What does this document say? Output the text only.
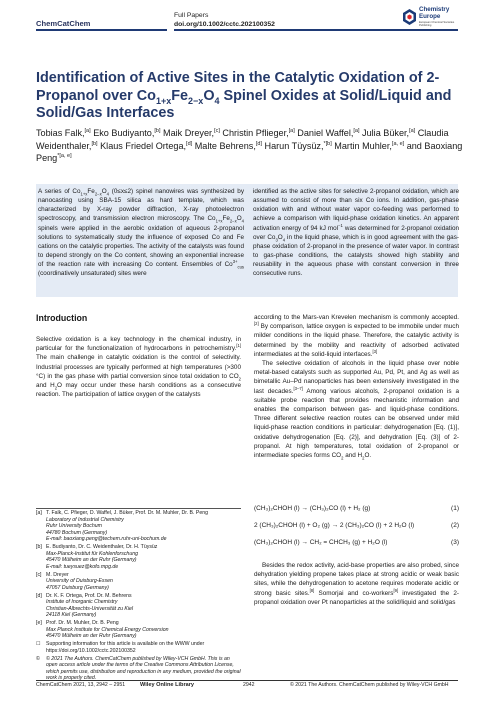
ChemCatChem
Full Papers
doi.org/10.1002/cctc.202100352
Chemistry
Europe
European Chemical Societies Publishing
Identification of Active Sites in the Catalytic Oxidation of 2-Propanol over $Co_{1+x}Fe_{2-x}O_4$ Spinel Oxides at Solid/Liquid and Solid/Gas Interfaces
Tobias Falk,[a] Eko Budiyanto,[b] Maik Dreyer,[c] Christin Pflieger,[a] Daniel Waffel,[a] Julia Büker,[a] Claudia Weidenthaler,[b] Klaus Friedel Ortega,[d] Malte Behrens,[d] Harun Tüysüz,$^{*[b]}$ Martin Muhler,[a, e] and Baoxiang Peng$^{*[a, e]}$
A series of $Co_{1+x}Fe_{2-x}O_4$ (0≤x≤2) spinel nanowires was synthesized by nanocasting using SBA-15 silica as hard template, which was characterized by X-ray powder diffraction, X-ray photoelectron spectroscopy, and transmission electron microscopy. The $Co_{1+x}Fe_{2-x}O_4$ spinels were applied in the aerobic oxidation of aqueous 2-propanol solutions to systematically study the influence of exposed Co and Fe cations on the catalytic properties. The activity of the catalysts was found to depend strongly on the Co content, showing an exponential increase of the reaction rate with increasing Co content. Ensembles of $Co^{3+}_{cus}$ (coordinatively unsaturated) sites were
identified as the active sites for selective 2-propanol oxidation, which are assumed to consist of more than six Co ions. In addition, gas-phase oxidation with and without water vapor co-feeding was performed to achieve a comparison with liquid-phase oxidation kinetics. An apparent activation energy of 94 kJ mol$^{-1}$ was determined for 2-propanol oxidation over $Co_3O_4$ in the liquid phase, which is in good agreement with the gas-phase oxidation of 2-propanol in the presence of water vapor. In contrast to gas-phase conditions, the catalysts showed high stability and reusability in the aqueous phase with constant conversion in three consecutive runs.
Introduction

Selective oxidation is a key technology in the chemical industry, in particular for the functionalization of hydrocarbons in petrochemistry.[1] The main challenge in catalytic oxidation is the control of selectivity. Industrial processes are typically performed at high temperatures (>300 °C) in the gas phase with partial conversion since total oxidation to $CO_2$ and $H_2O$ may occur under these harsh conditions as a consecutive reaction. The participation of lattice oxygen of the catalysts

[a] T. Falk, C. Pfieger, D. Waffel, J. Büker, Prof. Dr. M. Muhler, Dr. B. Peng
Laboratory of Industrial Chemistry
Ruhr University Bochum
44780 Bochum (Germany)
E-mail: baoxiang.peng@techem.ruhr-uni-bochum.de
[b] E. Budiyanto, Dr. C. Weidenthaler, Dr. H. Tüysüz
Max-Planck-Institut für Kohlenforschung
45470 Mülheim an der Ruhr (Germany)
E-mail: tueysuez@kofo.mpg.de
[c] M. Dreyer
University of Duisburg-Essen
47057 Duisburg (Germany)
[d] Dr. K. F. Ortega, Prof. Dr. M. Behrens
Institute of Inorganic Chemistry
Christian-Albrechts-Universität zu Kiel
24118 Kiel (Germany)
[e] Prof. Dr. M. Muhler, Dr. B. Peng
Max Planck Institute for Chemical Energy Conversion
45470 Mülheim an der Ruhr (Germany)
☐ Supporting information for this article is available on the WWW under https://doi.org/10.1002/cctc.202100352
© © 2021 The Authors. ChemCatChem published by Wiley-VCH GmbH. This is an open access article under the terms of the Creative Commons Attribution License, which permits use, distribution and reproduction in any medium, provided the original work is properly cited.

according to the Mars-van Krevelen mechanism is commonly accepted.[2] By comparison, lattice oxygen is expected to be immobile under much milder conditions in the liquid phase. Therefore, the catalytic activity is determined by the mobility and reactivity of adsorbed activated intermediates at the solid-liquid interfaces.[3]

The selective oxidation of alcohols in the liquid phase over noble metal-based catalysts such as supported Au, Pd, Pt, and Ag as well as bimetallic Au–Pd nanoparticles has been extensively investigated in the last decades.[3–7] Among various alcohols, 2-propanol oxidation is a suitable probe reaction that provides mechanistic information and enables the comparison between gas- and liquid-phase conditions. Three different selective reaction routes can be observed under mild liquid-phase reaction conditions in particular: dehydrogenation [Eq. (1)], oxidative dehydrogenation [Eq. (2)], and dehydration [Eq. (3)] of 2-propanol. At high temperatures, total oxidation of 2-propanol or intermediate species forms $CO_2$ and $H_2O$.

(CH₃)₂CHOH (l) → (CH₃)₂CO (l) + H₂ (g)	(1)
2 (CH₃)₂CHOH (l) + O₂ (g) → 2 (CH₃)₂CO (l) + 2 H₂O (l)	(2)
(CH₃)₂CHOH (l) → CH₂ = CHCH₃ (g) + H₂O (l)	(3)

Besides the redox activity, acid-base properties are also probed, since dehydration yielding propene takes place at strong acidic or weak basic sites, while the dehydrogenation to acetone requires moderate acidic or strong basic sites.[8] Somorjai and co-workers[9] investigated the 2-propanol oxidation over Pt nanoparticles at the solid/liquid and solid/gas

ChemCatChem 2021, 13, 2942 – 2951	Wiley Online Library	2942	© 2021 The Authors. ChemCatChem published by Wiley-VCH GmbH
